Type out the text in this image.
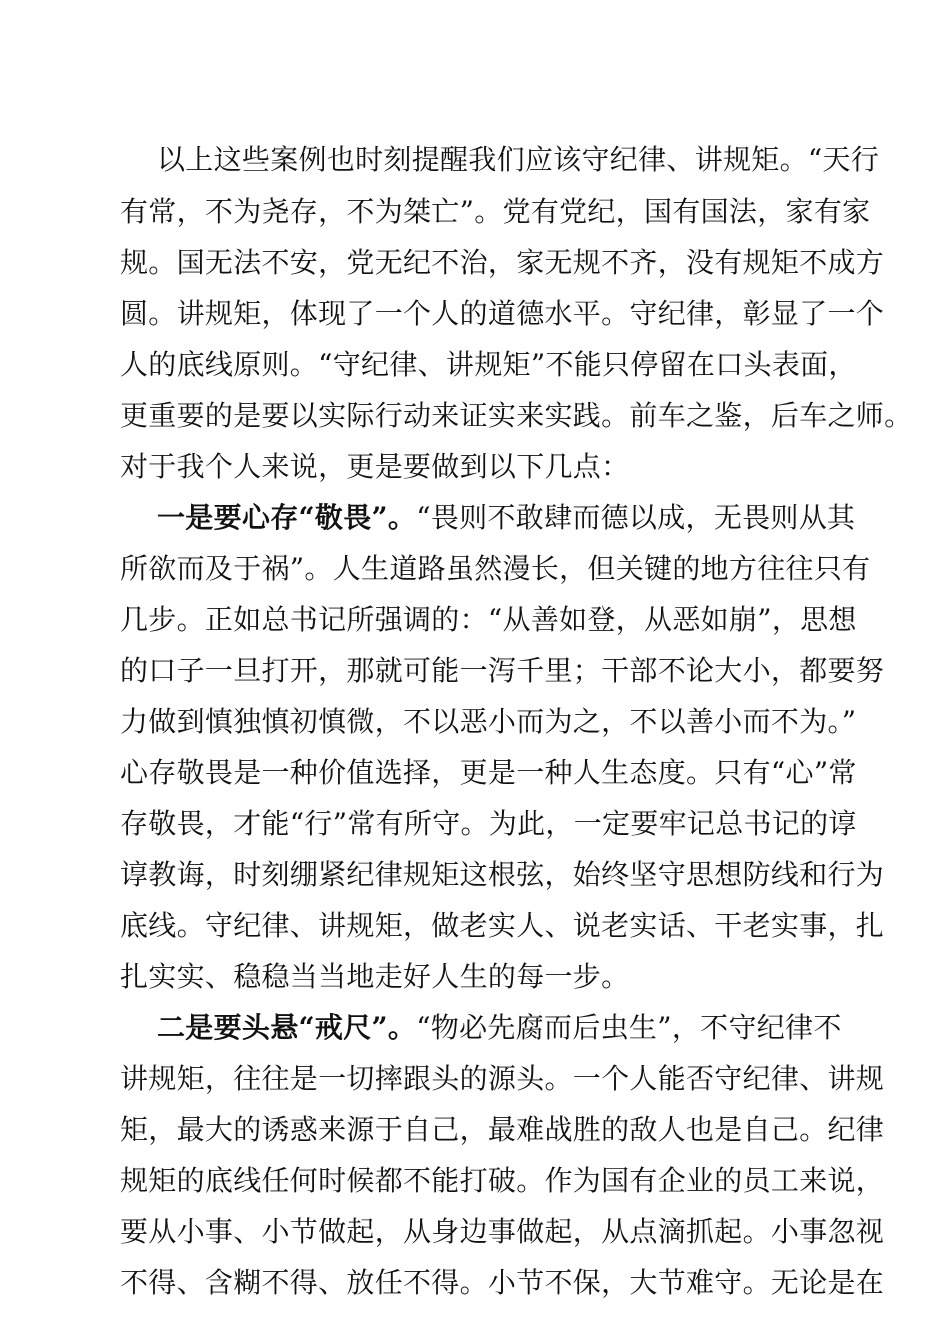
以上这些案例也时刻提醒我们应该守纪律、讲规矩。“天行
有常，不为尧存，不为桀亡”。党有党纪，国有国法，家有家
规。国无法不安，党无纪不治，家无规不齐，没有规矩不成方
圆。讲规矩，体现了一个人的道德水平。守纪律，彰显了一个
人的底线原则。“守纪律、讲规矩”不能只停留在口头表面，
更重要的是要以实际行动来证实来实践。前车之鉴，后车之师。
对于我个人来说，更是要做到以下几点：
一是要心存“敬畏”。“畏则不敢肆而德以成，无畏则从其
所欲而及于祸”。人生道路虽然漫长，但关键的地方往往只有
几步。正如总书记所强调的：“从善如登，从恶如崩”，思想
的口子一旦打开，那就可能一泻千里；干部不论大小，都要努
力做到慎独慎初慎微，不以恶小而为之，不以善小而不为。”
心存敬畏是一种价值选择，更是一种人生态度。只有“心”常
存敬畏，才能“行”常有所守。为此，一定要牢记总书记的谆
谆教诲，时刻绷紧纪律规矩这根弦，始终坚守思想防线和行为
底线。守纪律、讲规矩，做老实人、说老实话、干老实事，扎
扎实实、稳稳当当地走好人生的每一步。
二是要头悬“戒尺”。“物必先腐而后虫生”，不守纪律不
讲规矩，往往是一切摔跟头的源头。一个人能否守纪律、讲规
矩，最大的诱惑来源于自己，最难战胜的敌人也是自己。纪律
规矩的底线任何时候都不能打破。作为国有企业的员工来说，
要从小事、小节做起，从身边事做起，从点滴抓起。小事忽视
不得、含糊不得、放任不得。小节不保，大节难守。无论是在
